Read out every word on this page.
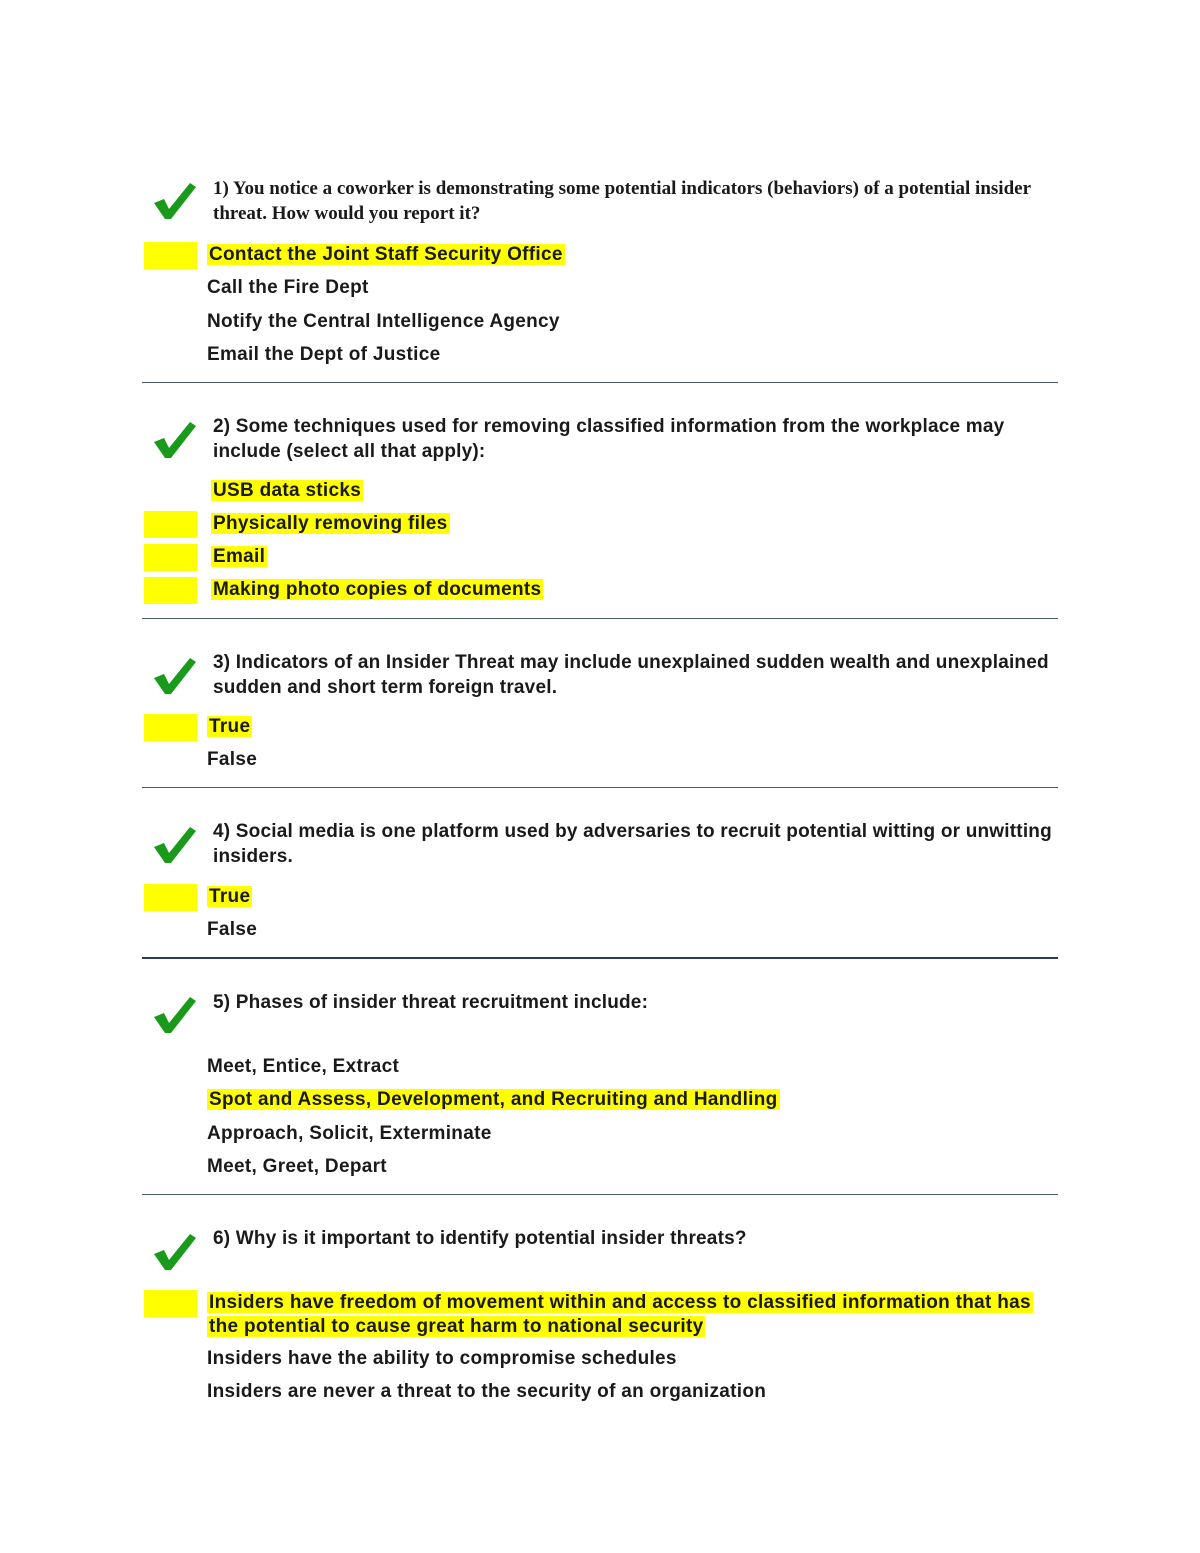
1) You notice a coworker is demonstrating some potential indicators (behaviors) of a potential insider threat. How would you report it?
Contact the Joint Staff Security Office
Call the Fire Dept
Notify the Central Intelligence Agency
Email the Dept of Justice
2) Some techniques used for removing classified information from the workplace may include (select all that apply):
USB data sticks
Physically removing files
Email
Making photo copies of documents
3) Indicators of an Insider Threat may include unexplained sudden wealth and unexplained sudden and short term foreign travel.
True
False
4) Social media is one platform used by adversaries to recruit potential witting or unwitting insiders.
True
False
5) Phases of insider threat recruitment include:
Meet, Entice, Extract
Spot and Assess, Development, and Recruiting and Handling
Approach, Solicit, Exterminate
Meet, Greet, Depart
6) Why is it important to identify potential insider threats?
Insiders have freedom of movement within and access to classified information that has the potential to cause great harm to national security
Insiders have the ability to compromise schedules
Insiders are never a threat to the security of an organization
